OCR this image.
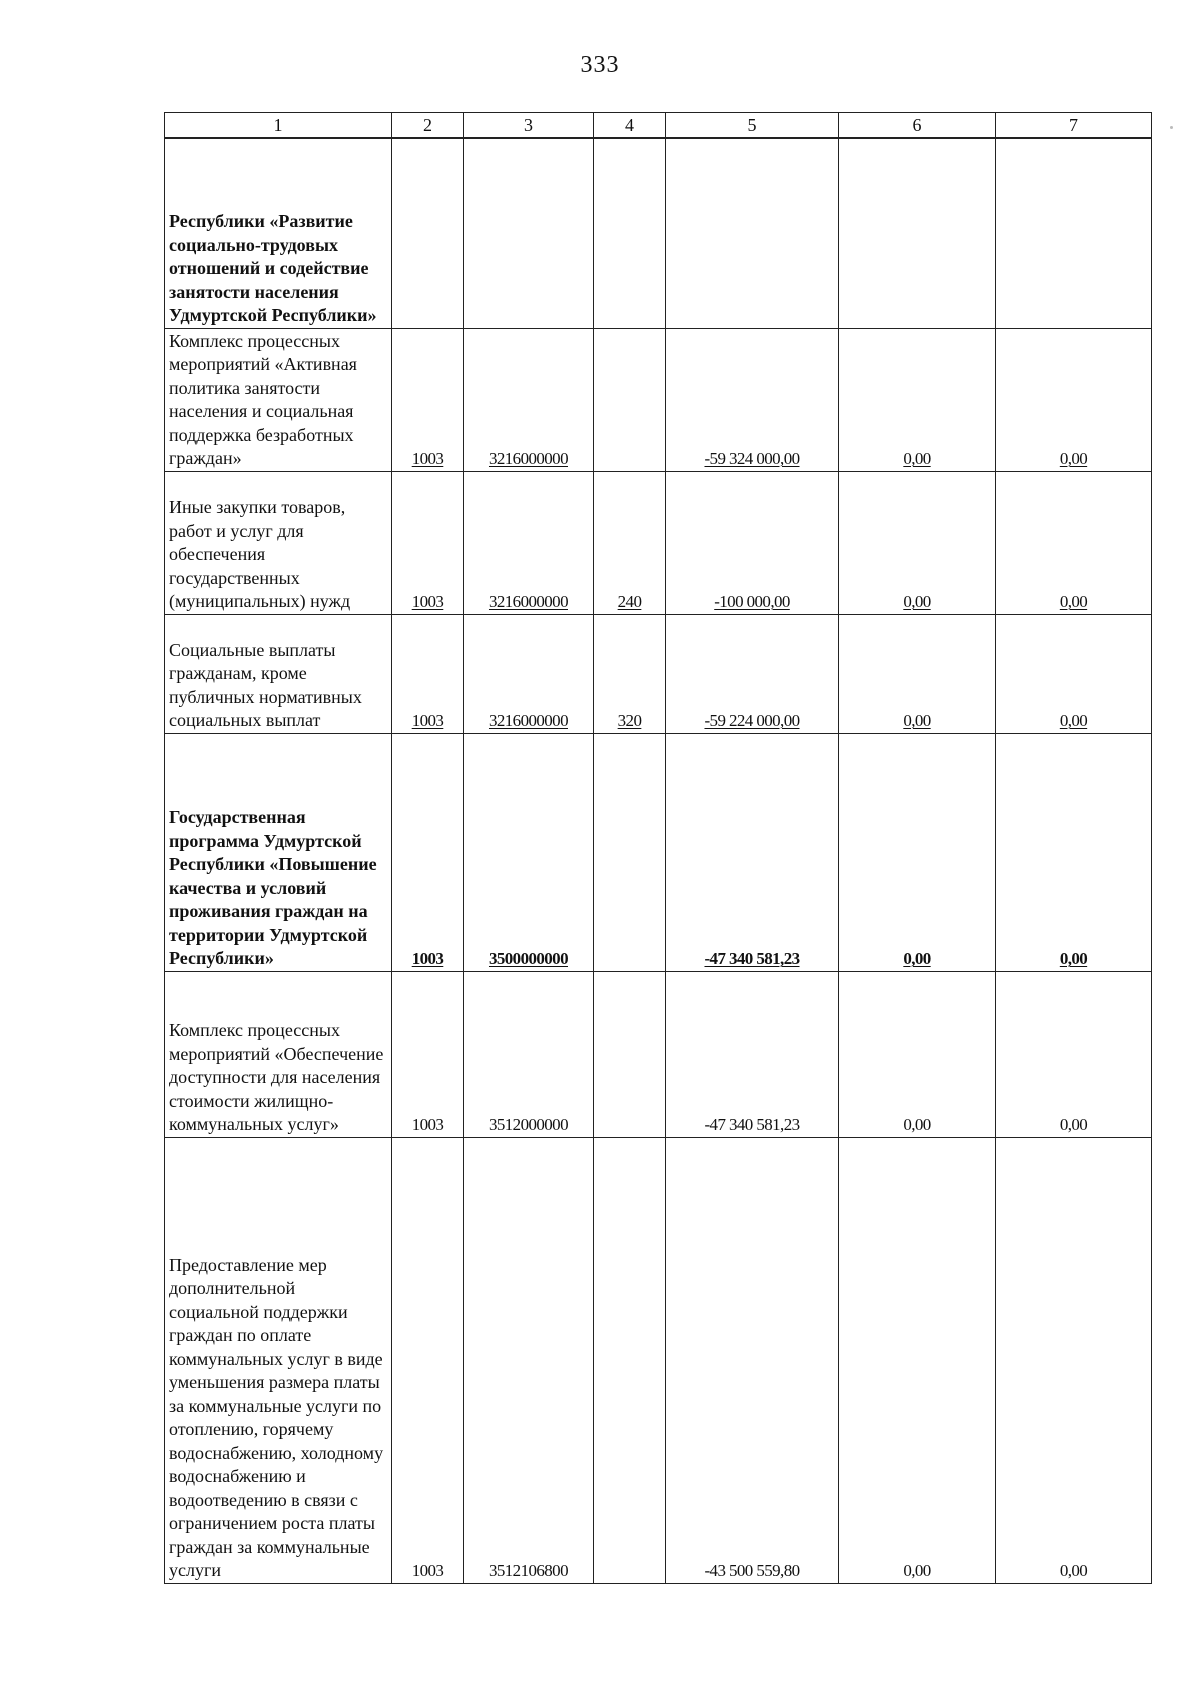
333
1	2	3	4	5	6	7
Республики «Развитие социально-трудовых отношений и содействие занятости населения Удмуртской Республики»						
Комплекс процессных мероприятий «Активная политика занятости населения и социальная поддержка безработных граждан»	1003	3216000000		-59 324 000,00	0,00	0,00
Иные закупки товаров, работ и услуг для обеспечения государственных (муниципальных) нужд	1003	3216000000	240	-100 000,00	0,00	0,00
Социальные выплаты гражданам, кроме публичных нормативных социальных выплат	1003	3216000000	320	-59 224 000,00	0,00	0,00
Государственная программа Удмуртской Республики «Повышение качества и условий проживания граждан на территории Удмуртской Республики»	1003	3500000000		-47 340 581,23	0,00	0,00
Комплекс процессных мероприятий «Обеспечение доступности для населения стоимости жилищно-коммунальных услуг»	1003	3512000000		-47 340 581,23	0,00	0,00
Предоставление мер дополнительной социальной поддержки граждан по оплате коммунальных услуг в виде уменьшения размера платы за коммунальные услуги по отоплению, горячему водоснабжению, холодному водоснабжению и водоотведению в связи с ограничением роста платы граждан за коммунальные услуги	1003	3512106800		-43 500 559,80	0,00	0,00
